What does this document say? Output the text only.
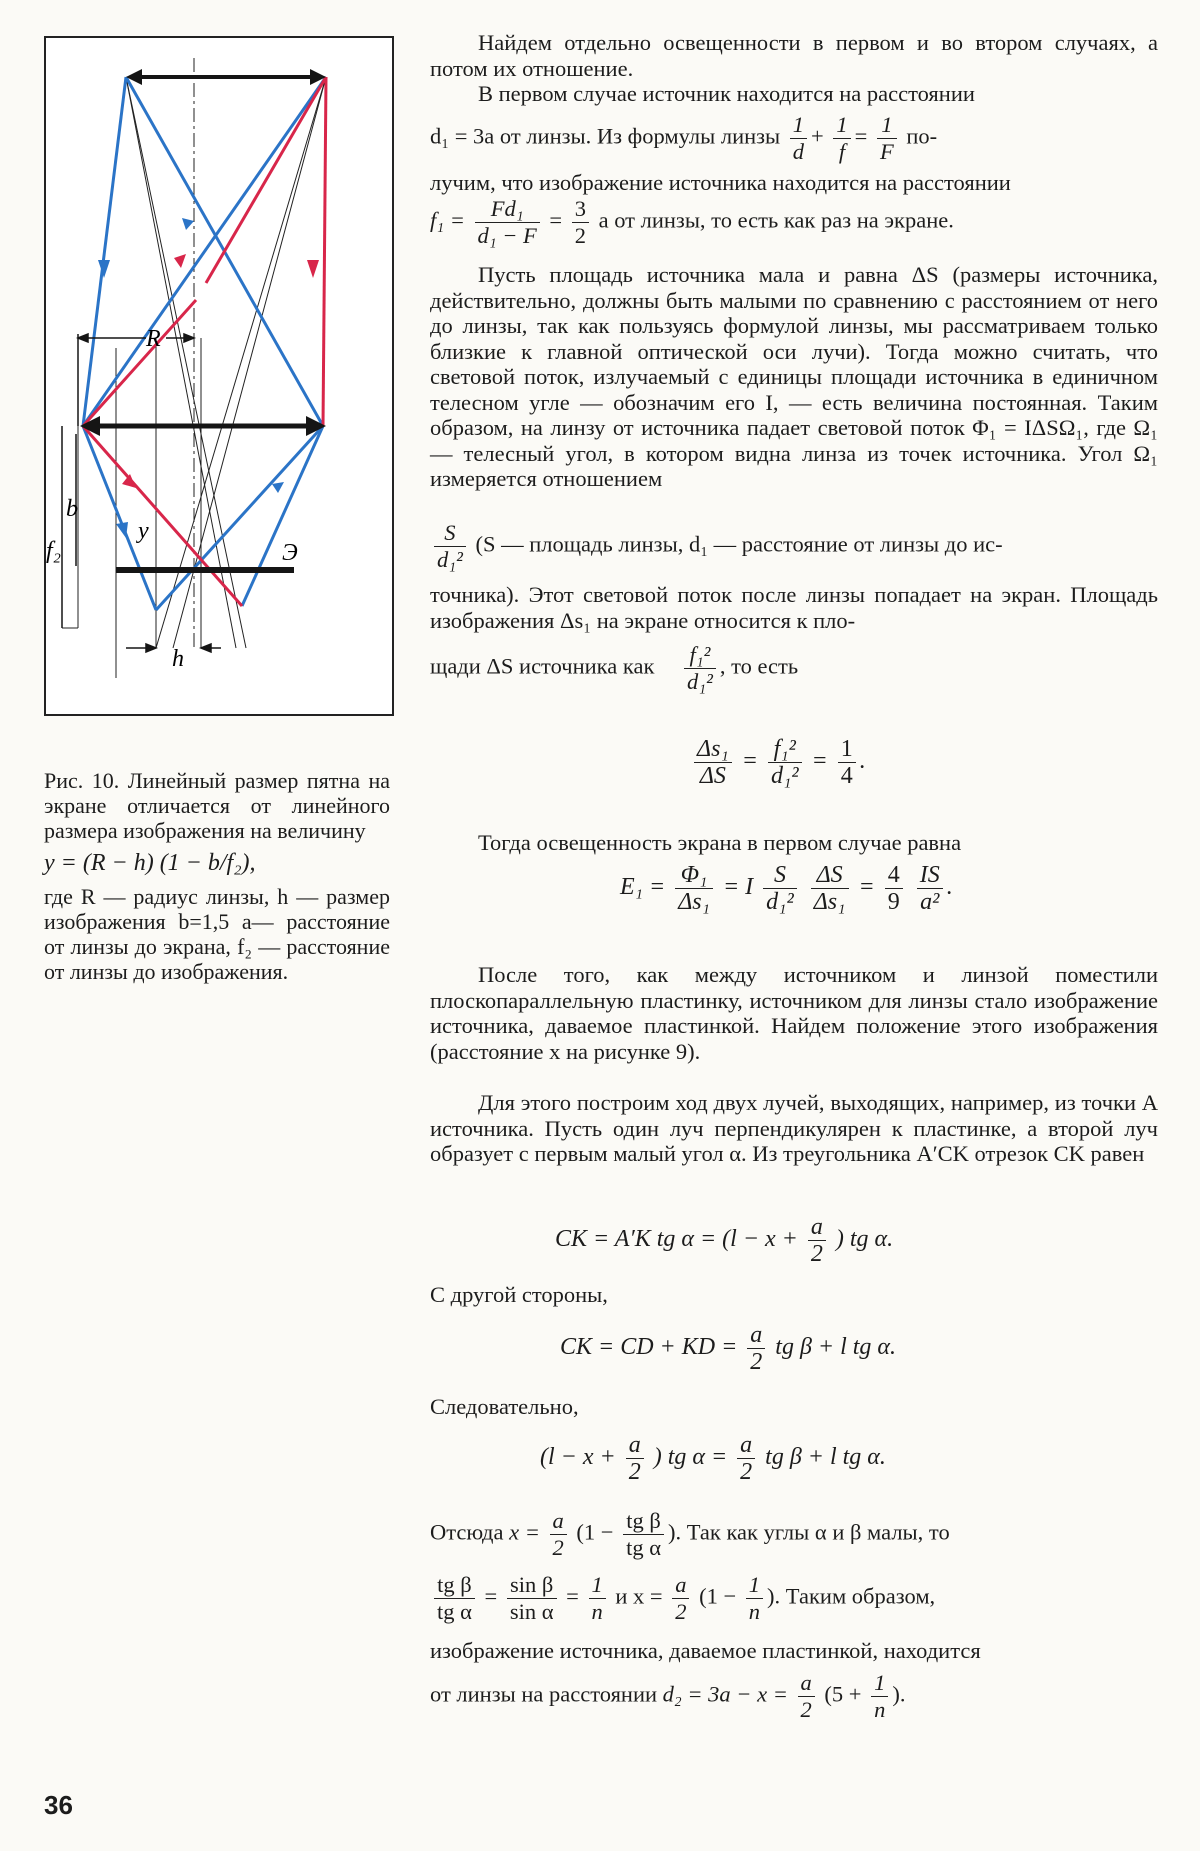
R
b
f₂
y
h
Э
Рис. 10. Линейный размер пятна на экране отличается от линейного размера изображения на величину
y = (R − h) (1 − b/f₂),
где R — радиус линзы, h — размер изображения b=1,5 a— расстояние от линзы до экрана, f₂ — расстояние от линзы до изображения.

Найдем отдельно освещенности в первом и во втором случаях, а потом их отношение.

В первом случае источник находится на расстоянии

d₁ = 3a от линзы. Из формулы линзы $\frac{1}{d} + \frac{1}{f} = \frac{1}{F} по-$
лучим, что изображение источника находится на расстоянии
$f_1 = \frac{\text{Fd₁}}{\text{d₁ − F}} = \frac{3}{2}$ a от линзы, то есть как раз на экране.

Пусть площадь источника мала и равна ΔS (размеры источника, действительно, должны быть малыми по сравнению с расстоянием от него до линзы, так как пользуясь формулой линзы, мы рассматриваем только близкие к главной оптической оси лучи). Тогда можно считать, что световой поток, излучаемый с единицы площади источника в единичном телесном угле — обозначим его I, — есть величина постоянная. Таким образом, на линзу от источника падает световой поток Φ₁ = IΔSΩ₁, где Ω₁ — телесный угол, в котором видна линза из точек источника. Угол Ω₁ измеряется отношением

$\frac{S}{\text{d₁²}} (S$ — площадь линзы, d₁ — расстояние от линзы до ис-
точника). Этот световой поток после линзы попадает на экран. Площадь изображения Δs₁ на экране относится к пло-
щади ΔS источника как $\frac{\text{f₁²}}{\text{d₁²}}$ , то есть
$\frac{\text{Δs₁}}{\Delta S} = \frac{\text{f₁²}}{\text{d₁²}} = \frac{1}{4}$ .

Тогда освещенность экрана в первом случае равна

$E_1 = \frac{\text{Φ₁}}{\text{Δs₁}} = I \frac{S}{\text{d₁²}}$
$\frac{\Delta S}{\text{Δs₁}} = \frac{4}{9}$
$\frac{IS}{\text{a²}}$ .

После того, как между источником и линзой поместили плоскопараллельную пластинку, источником для линзы стало изображение источника, даваемое пластинкой. Найдем положение этого изображения (расстояние x на рисунке 9).

Для этого построим ход двух лучей, выходящих, например, из точки A источника. Пусть один луч перпендикулярен к пластинке, а второй луч образует с первым малый угол α. Из треугольника A′CK отрезок CK равен

CK = A′K tg $\alpha = (l - x + \frac{a}{2}$ ) tg α.
С другой стороны,
CK = CD + KD = $\frac{a}{2}$ tg β + l tg α.
Следовательно,
($l - x + \frac{a}{2}$ ) tg $\alpha = \frac{a}{2}$ tg β + l tg α.
Отсюда $x = \frac{a}{2} (1 - \frac{\text{tg β}}{\text{tg α}}$ ). Так как углы α и β малы, то
$\frac{\text{tg β}}{\text{tg α}} = \frac{\text{sin β}}{\text{sin α}} = \frac{1}{n}$ и $x = \frac{a}{2} (1 - \frac{1}{n}$ ). Таким образом,
изображение источника, даваемое пластинкой, находится
от линзы на расстоянии $d_2 = 3a - x = \frac{a}{2} (5 + \frac{1}{n}$ ).
36
